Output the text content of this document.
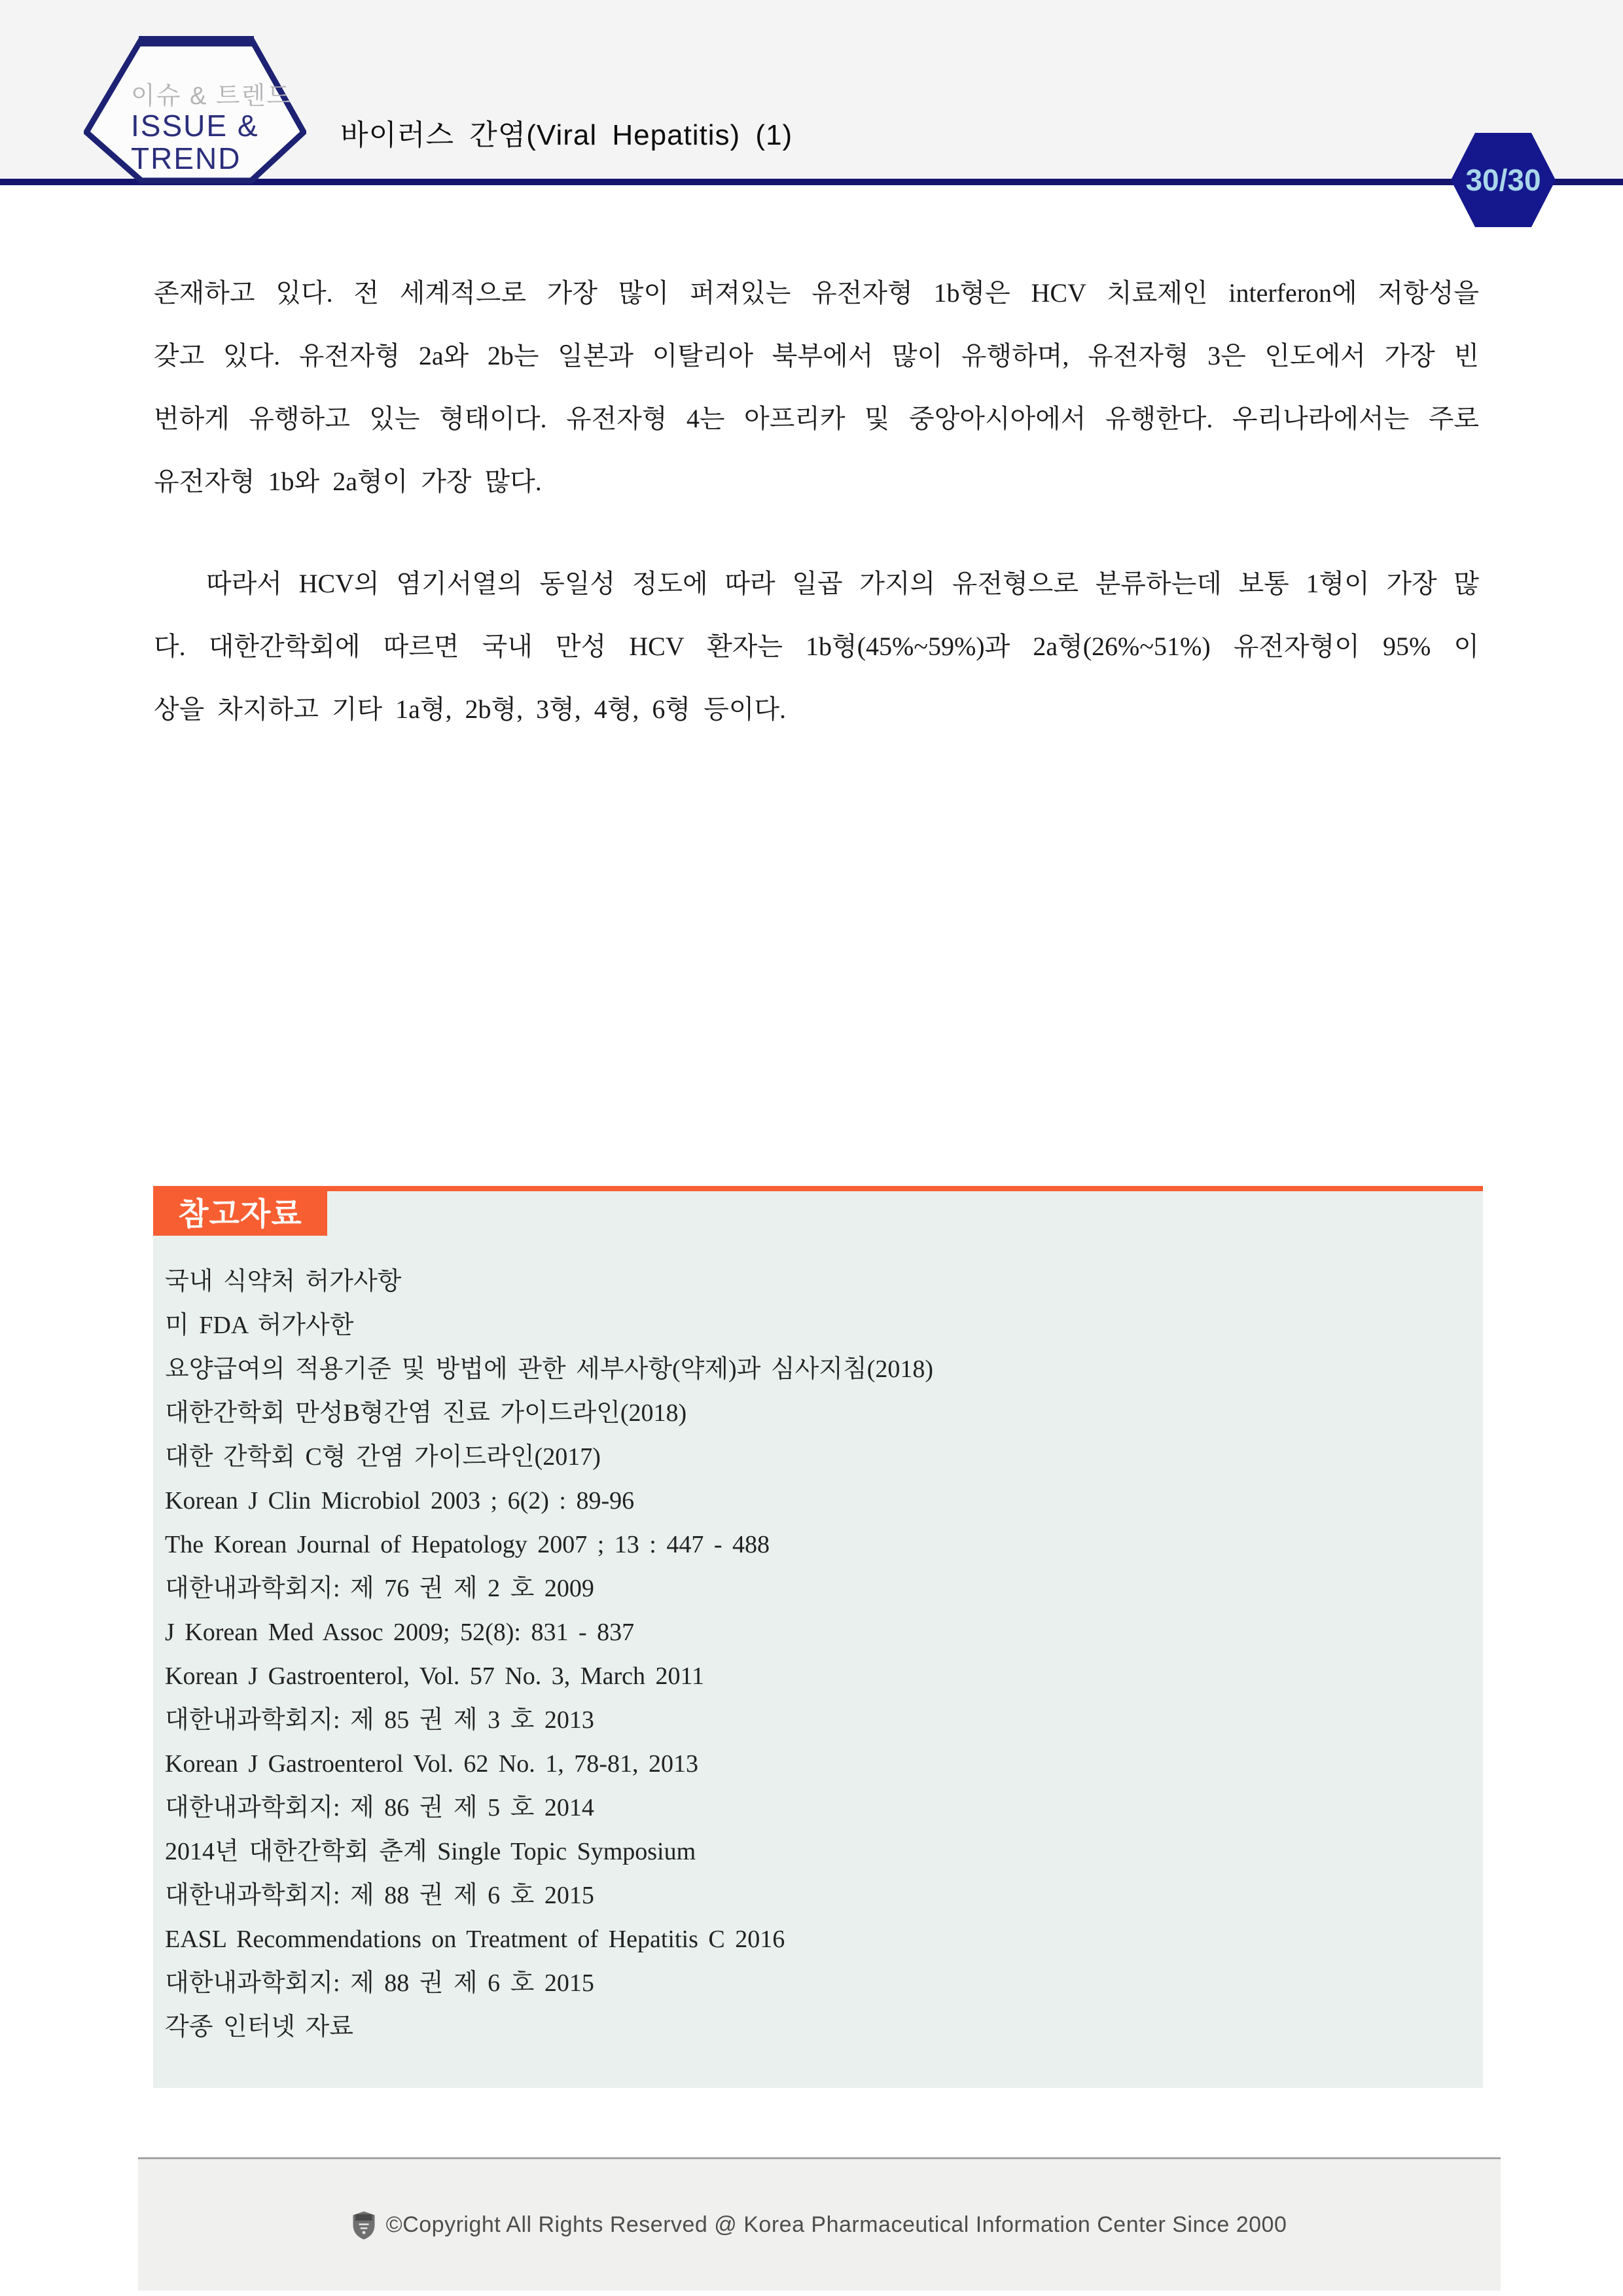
이슈 & 트렌드
ISSUE &
TREND
바이러스 간염(Viral Hepatitis) (1)
30/30
존재하고 있다. 전 세계적으로 가장 많이 퍼져있는 유전자형 1b형은 HCV 치료제인 interferon에 저항성을
갖고 있다. 유전자형 2a와 2b는 일본과 이탈리아 북부에서 많이 유행하며, 유전자형 3은 인도에서 가장 빈
번하게 유행하고 있는 형태이다. 유전자형 4는 아프리카 및 중앙아시아에서 유행한다. 우리나라에서는 주로
유전자형 1b와 2a형이 가장 많다.
따라서 HCV의 염기서열의 동일성 정도에 따라 일곱 가지의 유전형으로 분류하는데 보통 1형이 가장 많
다. 대한간학회에 따르면 국내 만성 HCV 환자는 1b형(45%~59%)과 2a형(26%~51%) 유전자형이 95% 이
상을 차지하고 기타 1a형, 2b형, 3형, 4형, 6형 등이다.
참고자료
국내 식약처 허가사항
미 FDA 허가사한
요양급여의 적용기준 및 방법에 관한 세부사항(약제)과 심사지침(2018)
대한간학회 만성B형간염 진료 가이드라인(2018)
대한 간학회 C형 간염 가이드라인(2017)
Korean J Clin Microbiol 2003 ; 6(2) : 89-96
The Korean Journal of Hepatology 2007 ; 13 : 447 - 488
대한내과학회지: 제 76 권 제 2 호 2009
J Korean Med Assoc 2009; 52(8): 831 - 837
Korean J Gastroenterol, Vol. 57 No. 3, March 2011
대한내과학회지: 제 85 권 제 3 호 2013
Korean J Gastroenterol Vol. 62 No. 1, 78-81, 2013
대한내과학회지: 제 86 권 제 5 호 2014
2014년 대한간학회 춘계 Single Topic Symposium
대한내과학회지: 제 88 권 제 6 호 2015
EASL Recommendations on Treatment of Hepatitis C 2016
대한내과학회지: 제 88 권 제 6 호 2015
각종 인터넷 자료
©Copyright All Rights Reserved @ Korea Pharmaceutical Information Center Since 2000
